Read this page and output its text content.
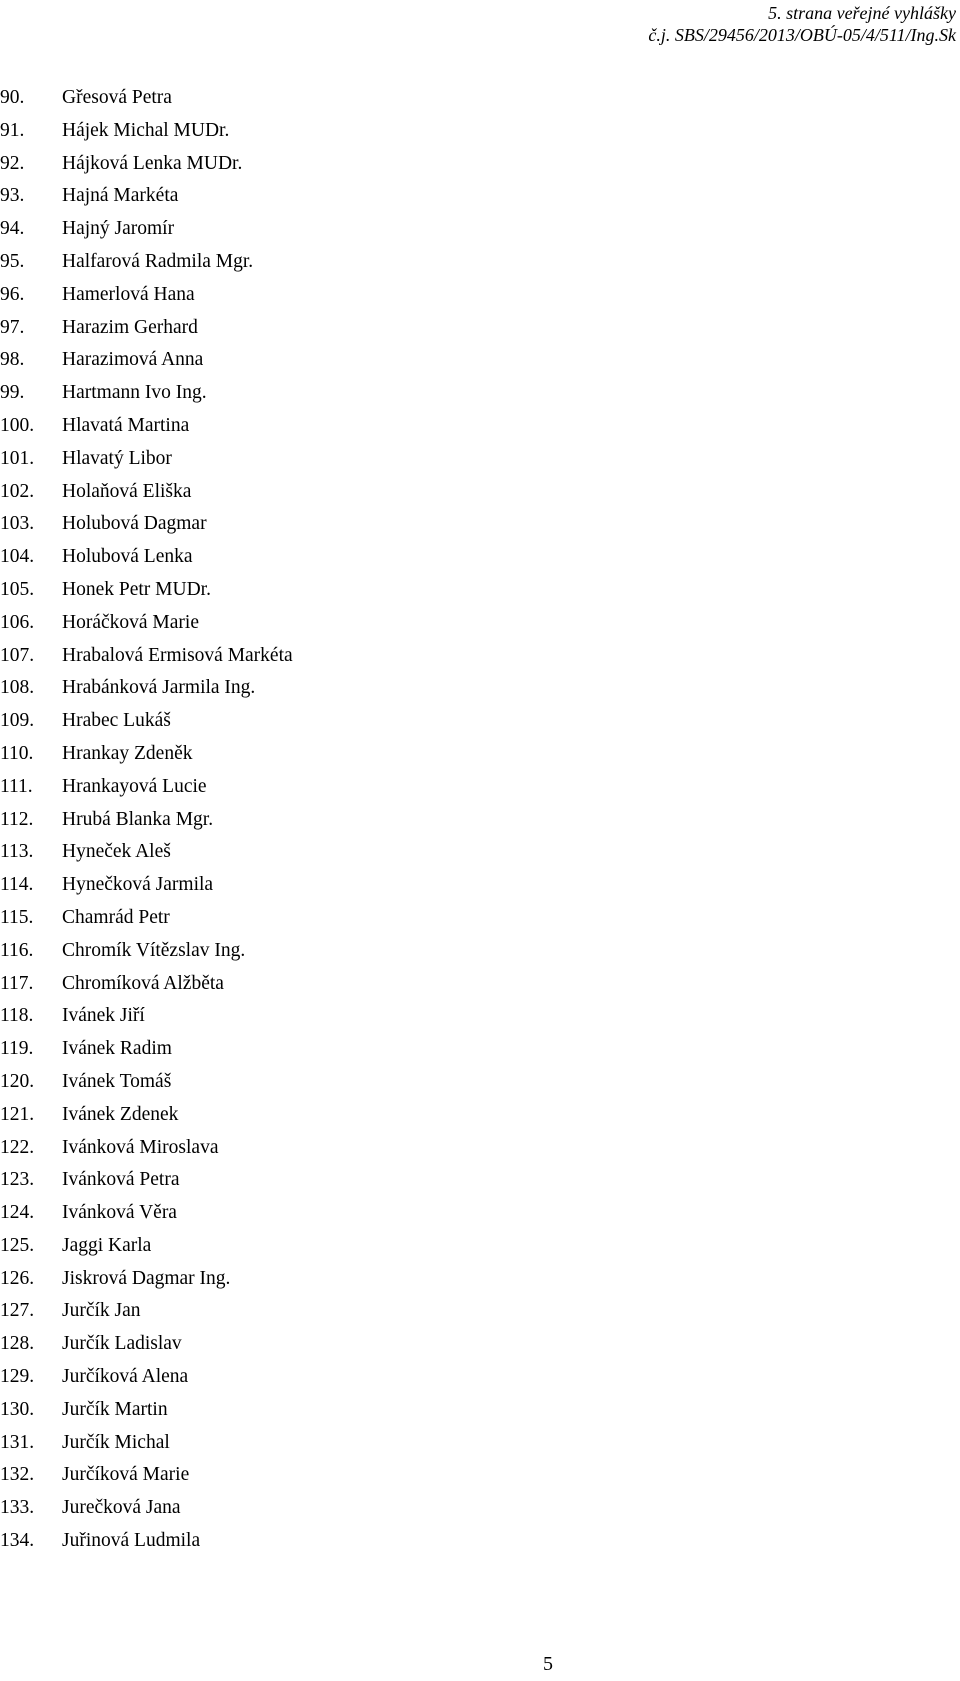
5. strana veřejné vyhlášky
č.j. SBS/29456/2013/OBÚ-05/4/511/Ing.Sk
90.	Gřesová Petra
91.	Hájek Michal MUDr.
92.	Hájková Lenka MUDr.
93.	Hajná Markéta
94.	Hajný Jaromír
95.	Halfarová Radmila Mgr.
96.	Hamerlová Hana
97.	Harazim Gerhard
98.	Harazimová Anna
99.	Hartmann Ivo Ing.
100.	Hlavatá Martina
101.	Hlavatý Libor
102.	Holaňová Eliška
103.	Holubová Dagmar
104.	Holubová Lenka
105.	Honek Petr MUDr.
106.	Horáčková Marie
107.	Hrabalová Ermisová Markéta
108.	Hrabánková Jarmila Ing.
109.	Hrabec Lukáš
110.	Hrankay Zdeněk
111.	Hrankayová Lucie
112.	Hrubá Blanka Mgr.
113.	Hyneček Aleš
114.	Hynečková Jarmila
115.	Chamrád Petr
116.	Chromík Vítězslav Ing.
117.	Chromíková Alžběta
118.	Ivánek Jiří
119.	Ivánek Radim
120.	Ivánek Tomáš
121.	Ivánek Zdenek
122.	Ivánková Miroslava
123.	Ivánková Petra
124.	Ivánková Věra
125.	Jaggi Karla
126.	Jiskrová Dagmar Ing.
127.	Jurčík Jan
128.	Jurčík Ladislav
129.	Jurčíková Alena
130.	Jurčík Martin
131.	Jurčík Michal
132.	Jurčíková Marie
133.	Jurečková Jana
134.	Juřinová Ludmila
5
